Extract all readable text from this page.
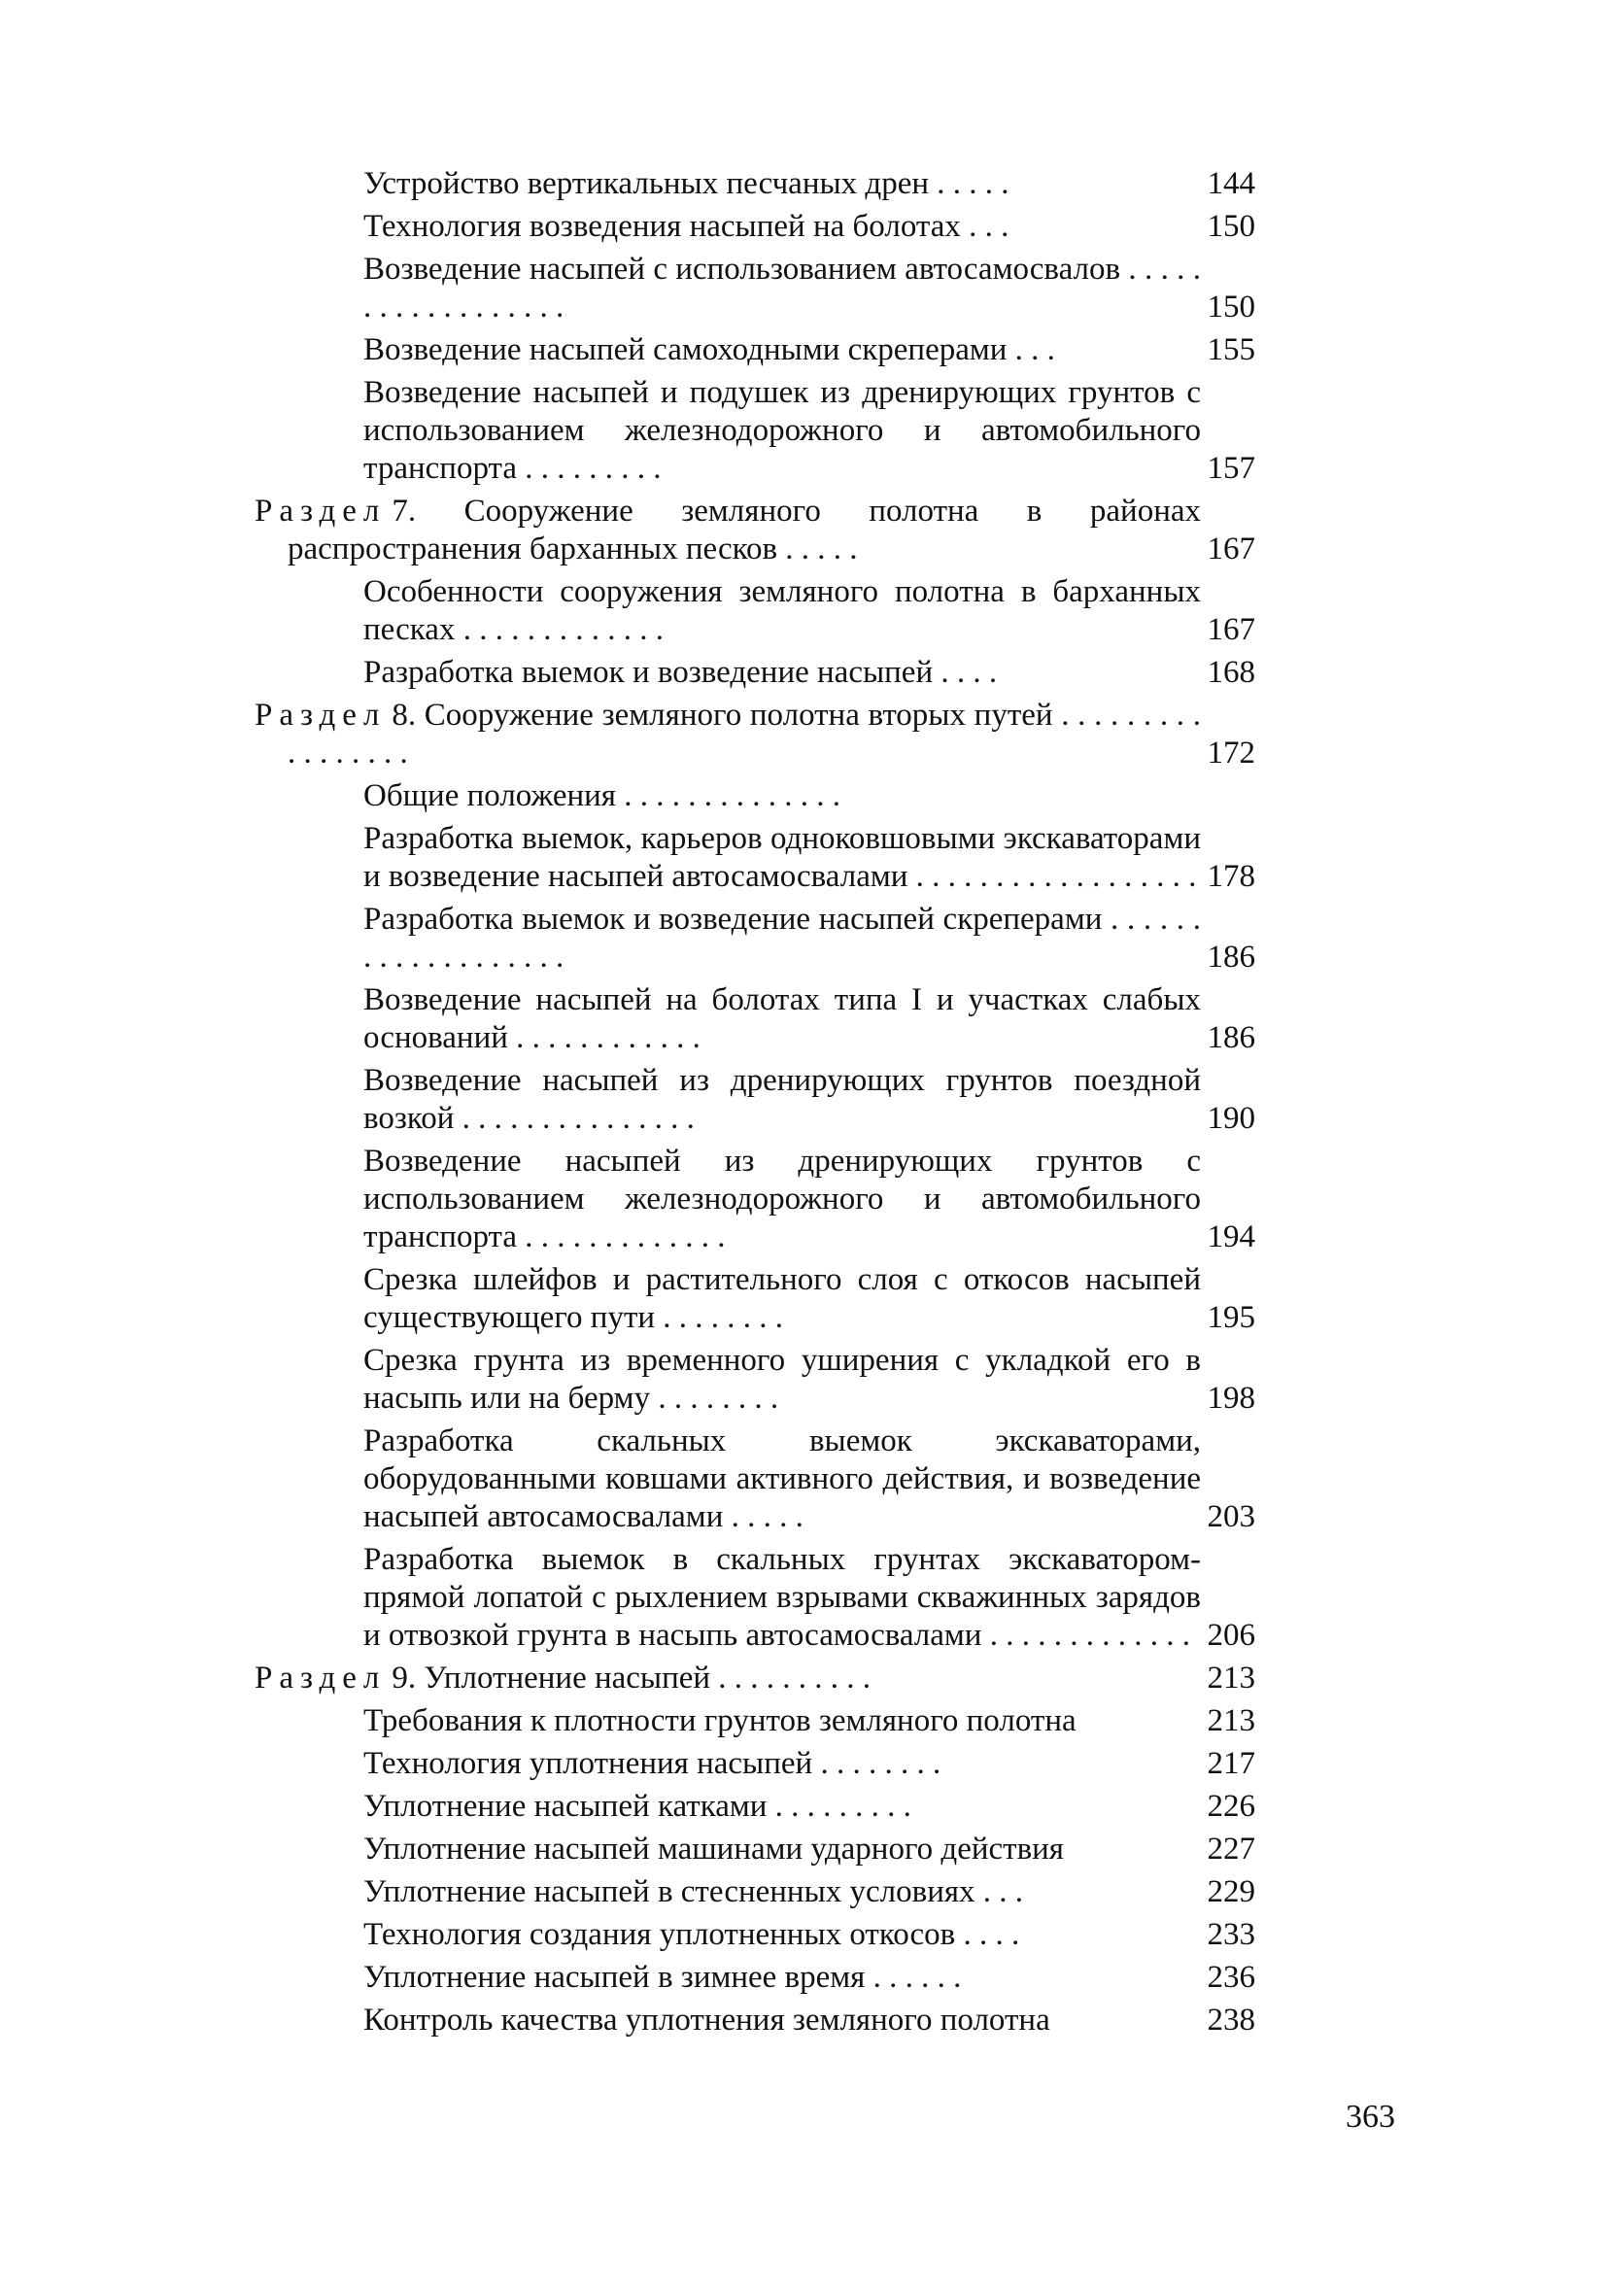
Устройство вертикальных песчаных дрен . . . . .	144
Технология возведения насыпей на болотах . . .	150
Возведение насыпей с использованием автосамосвалов . . . . . . . . . . . . . . . . . .	150
Возведение насыпей самоходными скреперами . . .	155
Возведение насыпей и подушек из дренирующих грунтов с использованием железнодорожного и автомобильного транспорта . . . . . . . . .	157
Раздел 7. Сооружение земляного полотна в районах распространения барханных песков . . . . .	167
Особенности сооружения земляного полотна в барханных песках . . . . . . . . . . . . .	167
Разработка выемок и возведение насыпей . . . .	168
Раздел 8. Сооружение земляного полотна вторых путей . . . . . . . . . . . . . . . . .	172
Общие положения . . . . . . . . . . . . . .
Разработка выемок, карьеров одноковшовыми экскаваторами и возведение насыпей автосамосвалами . . . . . . . . . . . . . . . . . . 178
Разработка выемок и возведение насыпей скреперами . . . . . . . . . . . . . . . . . . .	186
Возведение насыпей на болотах типа I и участках слабых оснований . . . . . . . . . . . .	186
Возведение насыпей из дренирующих грунтов поездной возкой . . . . . . . . . . . . . . .	190
Возведение насыпей из дренирующих грунтов с использованием железнодорожного и автомобильного транспорта . . . . . . . . . . . . .	194
Срезка шлейфов и растительного слоя с откосов насыпей существующего пути . . . . . . . .	195
Срезка грунта из временного уширения с укладкой его в насыпь или на берму . . . . . . . .	198
Разработка скальных выемок экскаваторами, оборудованными ковшами активного действия, и возведение насыпей автосамосвалами . . . . .	203
Разработка выемок в скальных грунтах экскаватором-прямой лопатой с рыхлением взрывами скважинных зарядов и отвозкой грунта в насыпь автосамосвалами . . . . . . . . . . . . . 206
Раздел 9. Уплотнение насыпей . . . . . . . . . .	213
Требования к плотности грунтов земляного полотна	213
Технология уплотнения насыпей . . . . . . . .	217
Уплотнение насыпей катками . . . . . . . . .	226
Уплотнение насыпей машинами ударного действия	227
Уплотнение насыпей в стесненных условиях . . .	229
Технология создания уплотненных откосов . . . .	233
Уплотнение насыпей в зимнее время . . . . . .	236
Контроль качества уплотнения земляного полотна	238
363
